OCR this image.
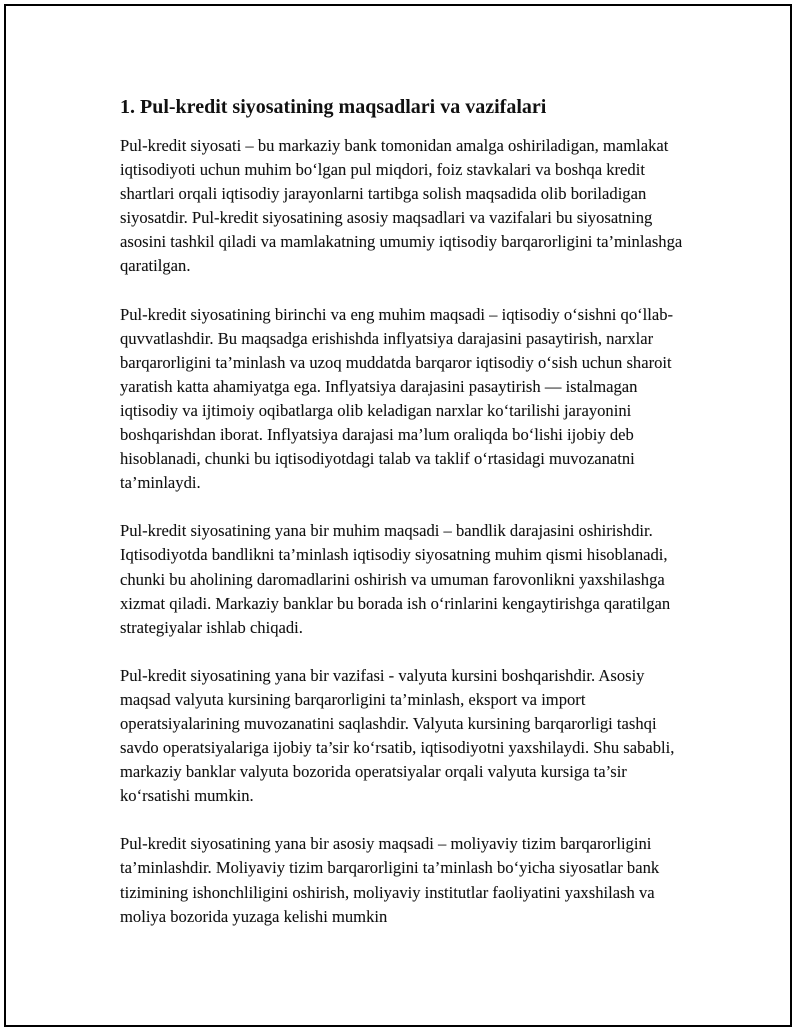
1. Pul-kredit siyosatining maqsadlari va vazifalari

Pul-kredit siyosati – bu markaziy bank tomonidan amalga oshiriladigan, mamlakat iqtisodiyoti uchun muhim bo‘lgan pul miqdori, foiz stavkalari va boshqa kredit shartlari orqali iqtisodiy jarayonlarni tartibga solish maqsadida olib boriladigan siyosatdir. Pul-kredit siyosatining asosiy maqsadlari va vazifalari bu siyosatning asosini tashkil qiladi va mamlakatning umumiy iqtisodiy barqarorligini ta’minlashga qaratilgan.

Pul-kredit siyosatining birinchi va eng muhim maqsadi – iqtisodiy o‘sishni qo‘llab-quvvatlashdir. Bu maqsadga erishishda inflyatsiya darajasini pasaytirish, narxlar barqarorligini ta’minlash va uzoq muddatda barqaror iqtisodiy o‘sish uchun sharoit yaratish katta ahamiyatga ega. Inflyatsiya darajasini pasaytirish — istalmagan iqtisodiy va ijtimoiy oqibatlarga olib keladigan narxlar ko‘tarilishi jarayonini boshqarishdan iborat. Inflyatsiya darajasi ma’lum oraliqda bo‘lishi ijobiy deb hisoblanadi, chunki bu iqtisodiyotdagi talab va taklif o‘rtasidagi muvozanatni ta’minlaydi.

Pul-kredit siyosatining yana bir muhim maqsadi – bandlik darajasini oshirishdir. Iqtisodiyotda bandlikni ta’minlash iqtisodiy siyosatning muhim qismi hisoblanadi, chunki bu aholining daromadlarini oshirish va umuman farovonlikni yaxshilashga xizmat qiladi. Markaziy banklar bu borada ish o‘rinlarini kengaytirishga qaratilgan strategiyalar ishlab chiqadi.

Pul-kredit siyosatining yana bir vazifasi - valyuta kursini boshqarishdir. Asosiy maqsad valyuta kursining barqarorligini ta’minlash, eksport va import operatsiyalarining muvozanatini saqlashdir. Valyuta kursining barqarorligi tashqi savdo operatsiyalariga ijobiy ta’sir ko‘rsatib, iqtisodiyotni yaxshilaydi. Shu sababli, markaziy banklar valyuta bozorida operatsiyalar orqali valyuta kursiga ta’sir ko‘rsatishi mumkin.

Pul-kredit siyosatining yana bir asosiy maqsadi – moliyaviy tizim barqarorligini ta’minlashdir. Moliyaviy tizim barqarorligini ta’minlash bo‘yicha siyosatlar bank tizimining ishonchliligini oshirish, moliyaviy institutlar faoliyatini yaxshilash va moliya bozorida yuzaga kelishi mumkin
